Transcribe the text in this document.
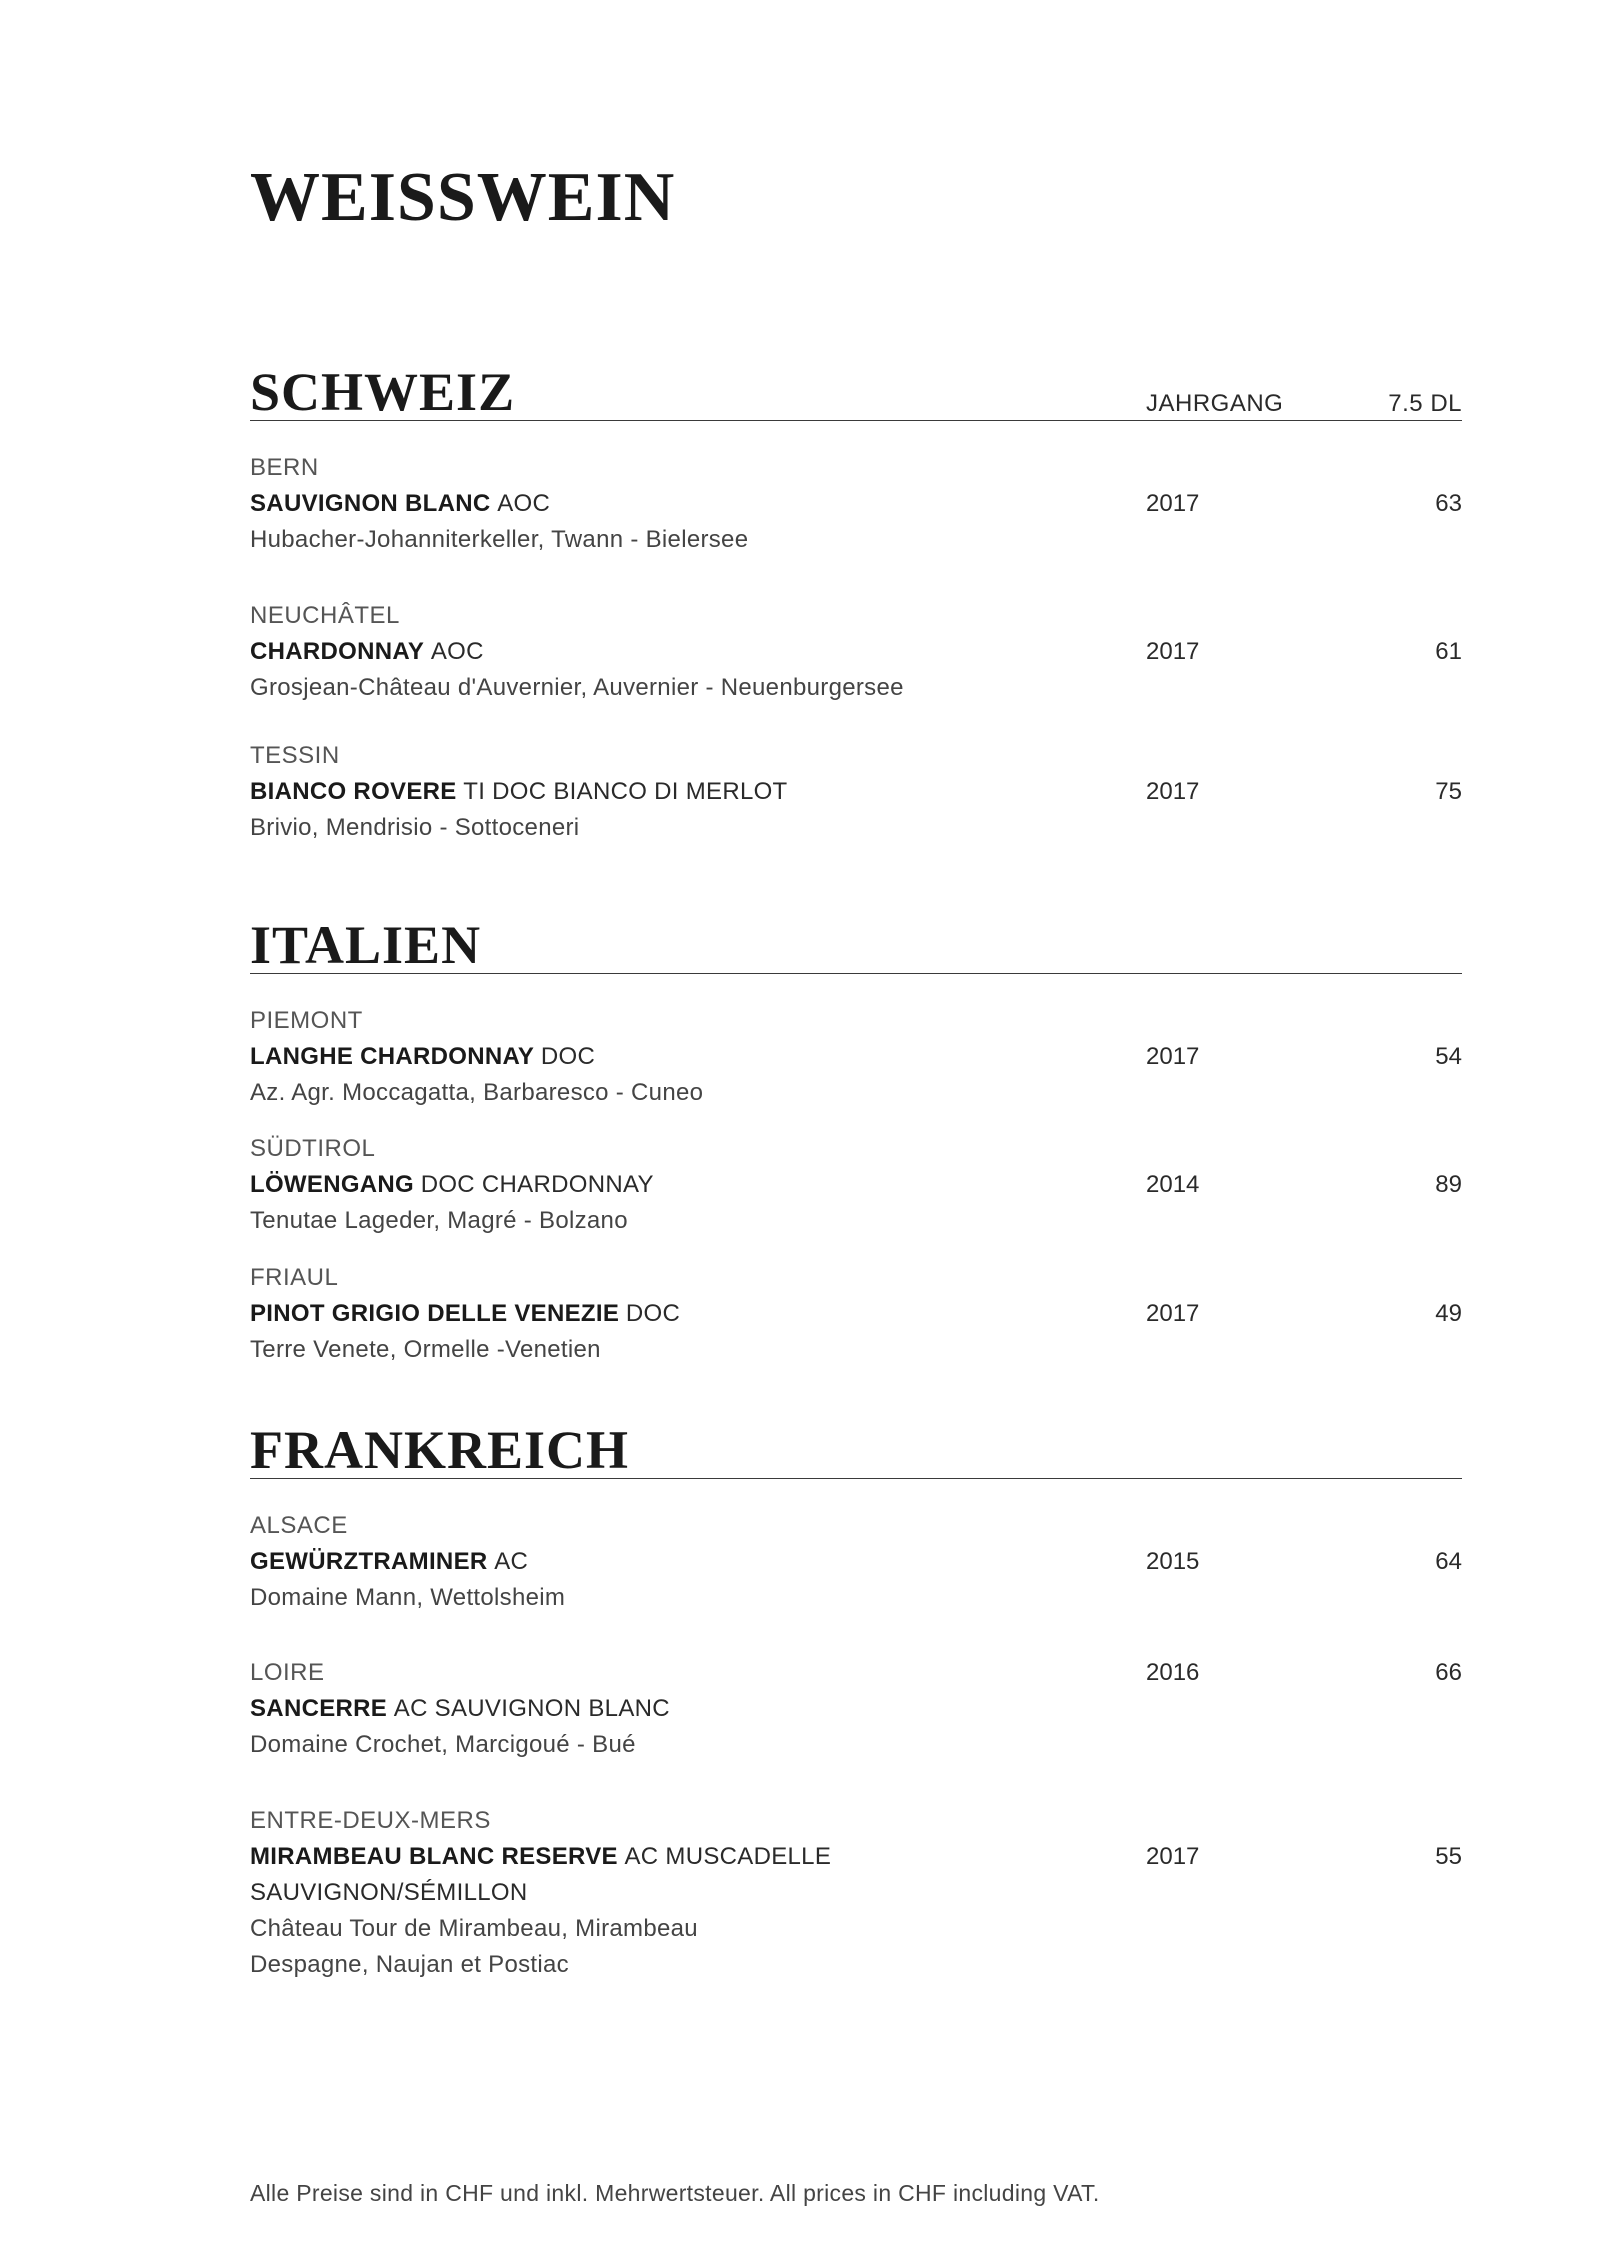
WEISSWEIN
SCHWEIZ	JAHRGANG	7.5 DL
BERN
SAUVIGNON BLANC AOC	2017	63
Hubacher-Johanniterkeller, Twann - Bielersee
NEUCHÂTEL
CHARDONNAY AOC	2017	61
Grosjean-Château d'Auvernier, Auvernier - Neuenburgersee
TESSIN
BIANCO ROVERE TI DOC BIANCO DI MERLOT	2017	75
Brivio, Mendrisio - Sottoceneri
ITALIEN
PIEMONT
LANGHE CHARDONNAY DOC	2017	54
Az. Agr. Moccagatta, Barbaresco - Cuneo
SÜDTIROL
LÖWENGANG DOC CHARDONNAY	2014	89
Tenutae Lageder, Magré - Bolzano
FRIAUL
PINOT GRIGIO DELLE VENEZIE DOC	2017	49
Terre Venete, Ormelle -Venetien
FRANKREICH
ALSACE
GEWÜRZTRAMINER AC	2015	64
Domaine Mann, Wettolsheim
LOIRE	2016	66
SANCERRE AC SAUVIGNON BLANC
Domaine Crochet, Marcigoué - Bué
ENTRE-DEUX-MERS
MIRAMBEAU BLANC RESERVE AC MUSCADELLE	2017	55
SAUVIGNON/SÉMILLON
Château Tour de Mirambeau, Mirambeau
Despagne, Naujan et Postiac
Alle Preise sind in CHF und inkl. Mehrwertsteuer. All prices in CHF including VAT.
